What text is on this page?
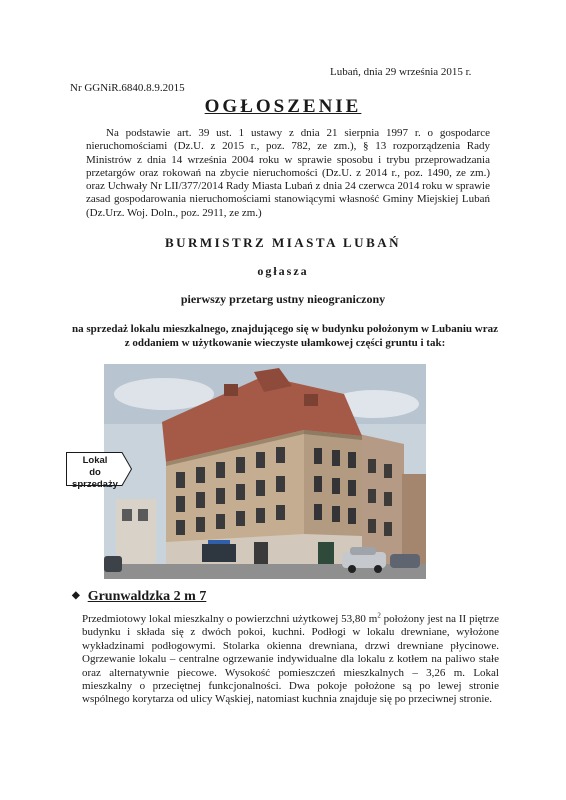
Lubań, dnia 29 września 2015 r.
Nr GGNiR.6840.8.9.2015
OGŁOSZENIE
Na podstawie art. 39 ust. 1 ustawy z dnia 21 sierpnia 1997 r. o gospodarce nieruchomościami (Dz.U. z 2015 r., poz. 782, ze zm.), § 13 rozporządzenia Rady Ministrów z dnia 14 września 2004 roku w sprawie sposobu i trybu przeprowadzania przetargów oraz rokowań na zbycie nieruchomości (Dz.U. z 2014 r., poz. 1490, ze zm.) oraz Uchwały Nr LII/377/2014 Rady Miasta Lubań z dnia 24 czerwca 2014 roku w sprawie zasad gospodarowania nieruchomościami stanowiącymi własność Gminy Miejskiej Lubań (Dz.Urz. Woj. Doln., poz. 2911, ze zm.)
BURMISTRZ MIASTA LUBAŃ
ogłasza
pierwszy przetarg ustny nieograniczony
na sprzedaż lokalu mieszkalnego, znajdującego się w budynku położonym w Lubaniu wraz z oddaniem w użytkowanie wieczyste ułamkowej części gruntu i tak:
Lokal
do sprzedaży
◆ Grunwaldzka 2 m 7
Przedmiotowy lokal mieszkalny o powierzchni użytkowej 53,80 $m^2$ położony jest na II piętrze budynku i składa się z dwóch pokoi, kuchni. Podłogi w lokalu drewniane, wyłożone wykładzinami podłogowymi. Stolarka okienna drewniana, drzwi drewniane płycinowe. Ogrzewanie lokalu – centralne ogrzewanie indywidualne dla lokalu z kotłem na paliwo stałe oraz alternatywnie piecowe. Wysokość pomieszczeń mieszkalnych – 3,26 m. Lokal mieszkalny o przeciętnej funkcjonalności. Dwa pokoje położone są po lewej stronie wspólnego korytarza od ulicy Wąskiej, natomiast kuchnia znajduje się po przeciwnej stronie.
